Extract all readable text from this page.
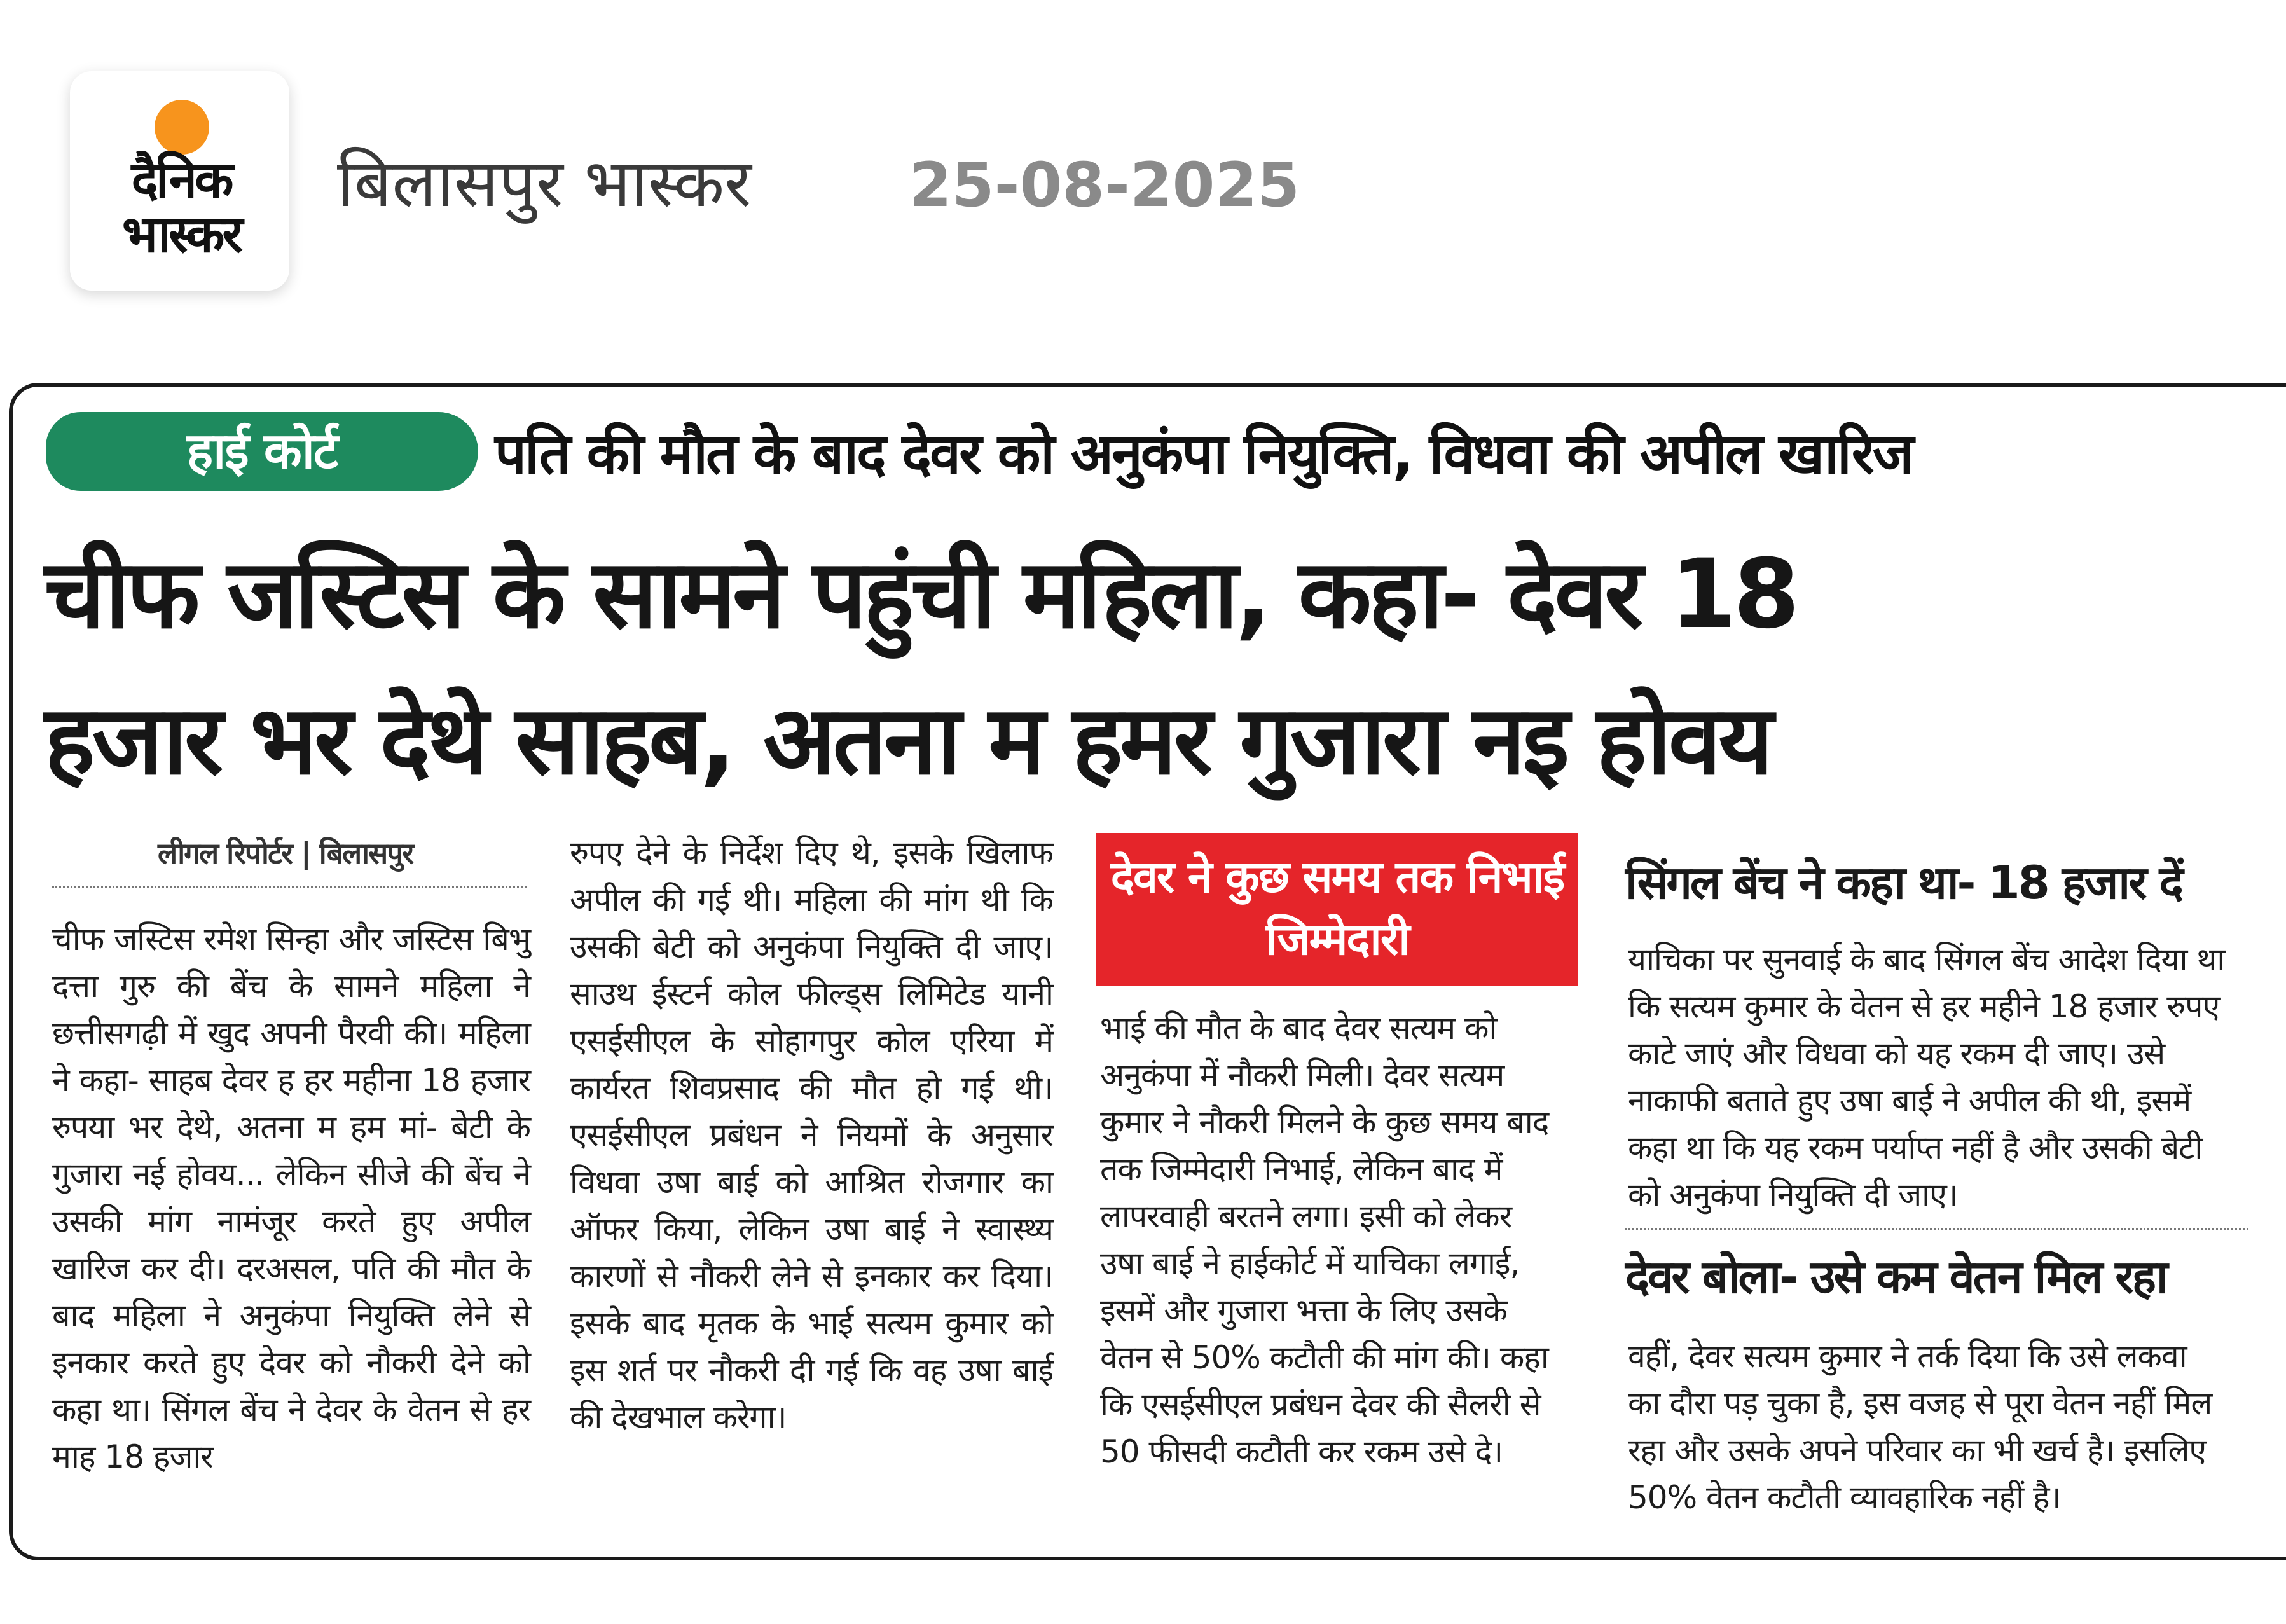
दैनिक भास्कर
बिलासपुर भास्कर	25-08-2025
हाई कोर्ट	पति की मौत के बाद देवर को अनुकंपा नियुक्ति, विधवा की अपील खारिज
चीफ जस्टिस के सामने पहुंची महिला, कहा- देवर 18
हजार भर देथे साहब, अतना म हमर गुजारा नइ होवय
लीगल रिपोर्टर | बिलासपुर
चीफ जस्टिस रमेश सिन्हा और जस्टिस बिभु दत्ता गुरु की बेंच के सामने महिला ने छत्तीसगढ़ी में खुद अपनी पैरवी की। महिला ने कहा- साहब देवर ह हर महीना 18 हजार रुपया भर देथे, अतना म हम मां- बेटी के गुजारा नई होवय... लेकिन सीजे की बेंच ने उसकी मांग नामंजूर करते हुए अपील खारिज कर दी। दरअसल, पति की मौत के बाद महिला ने अनुकंपा नियुक्ति लेने से इनकार करते हुए देवर को नौकरी देने को कहा था। सिंगल बेंच ने देवर के वेतन से हर माह 18 हजार
रुपए देने के निर्देश दिए थे, इसके खिलाफ अपील की गई थी। महिला की मांग थी कि उसकी बेटी को अनुकंपा नियुक्ति दी जाए। साउथ ईस्टर्न कोल फील्ड्स लिमिटेड यानी एसईसीएल के सोहागपुर कोल एरिया में कार्यरत शिवप्रसाद की मौत हो गई थी। एसईसीएल प्रबंधन ने नियमों के अनुसार विधवा उषा बाई को आश्रित रोजगार का ऑफर किया, लेकिन उषा बाई ने स्वास्थ्य कारणों से नौकरी लेने से इनकार कर दिया। इसके बाद मृतक के भाई सत्यम कुमार को इस शर्त पर नौकरी दी गई कि वह उषा बाई की देखभाल करेगा।
देवर ने कुछ समय तक निभाई जिम्मेदारी
भाई की मौत के बाद देवर सत्यम को अनुकंपा में नौकरी मिली। देवर सत्यम कुमार ने नौकरी मिलने के कुछ समय बाद तक जिम्मेदारी निभाई, लेकिन बाद में लापरवाही बरतने लगा। इसी को लेकर उषा बाई ने हाईकोर्ट में याचिका लगाई, इसमें और गुजारा भत्ता के लिए उसके वेतन से 50% कटौती की मांग की। कहा कि एसईसीएल प्रबंधन देवर की सैलरी से 50 फीसदी कटौती कर रकम उसे दे।
सिंगल बेंच ने कहा था- 18 हजार दें
याचिका पर सुनवाई के बाद सिंगल बेंच आदेश दिया था कि सत्यम कुमार के वेतन से हर महीने 18 हजार रुपए काटे जाएं और विधवा को यह रकम दी जाए। उसे नाकाफी बताते हुए उषा बाई ने अपील की थी, इसमें कहा था कि यह रकम पर्याप्त नहीं है और उसकी बेटी को अनुकंपा नियुक्ति दी जाए।
देवर बोला- उसे कम वेतन मिल रहा
वहीं, देवर सत्यम कुमार ने तर्क दिया कि उसे लकवा का दौरा पड़ चुका है, इस वजह से पूरा वेतन नहीं मिल रहा और उसके अपने परिवार का भी खर्च है। इसलिए 50% वेतन कटौती व्यावहारिक नहीं है।
